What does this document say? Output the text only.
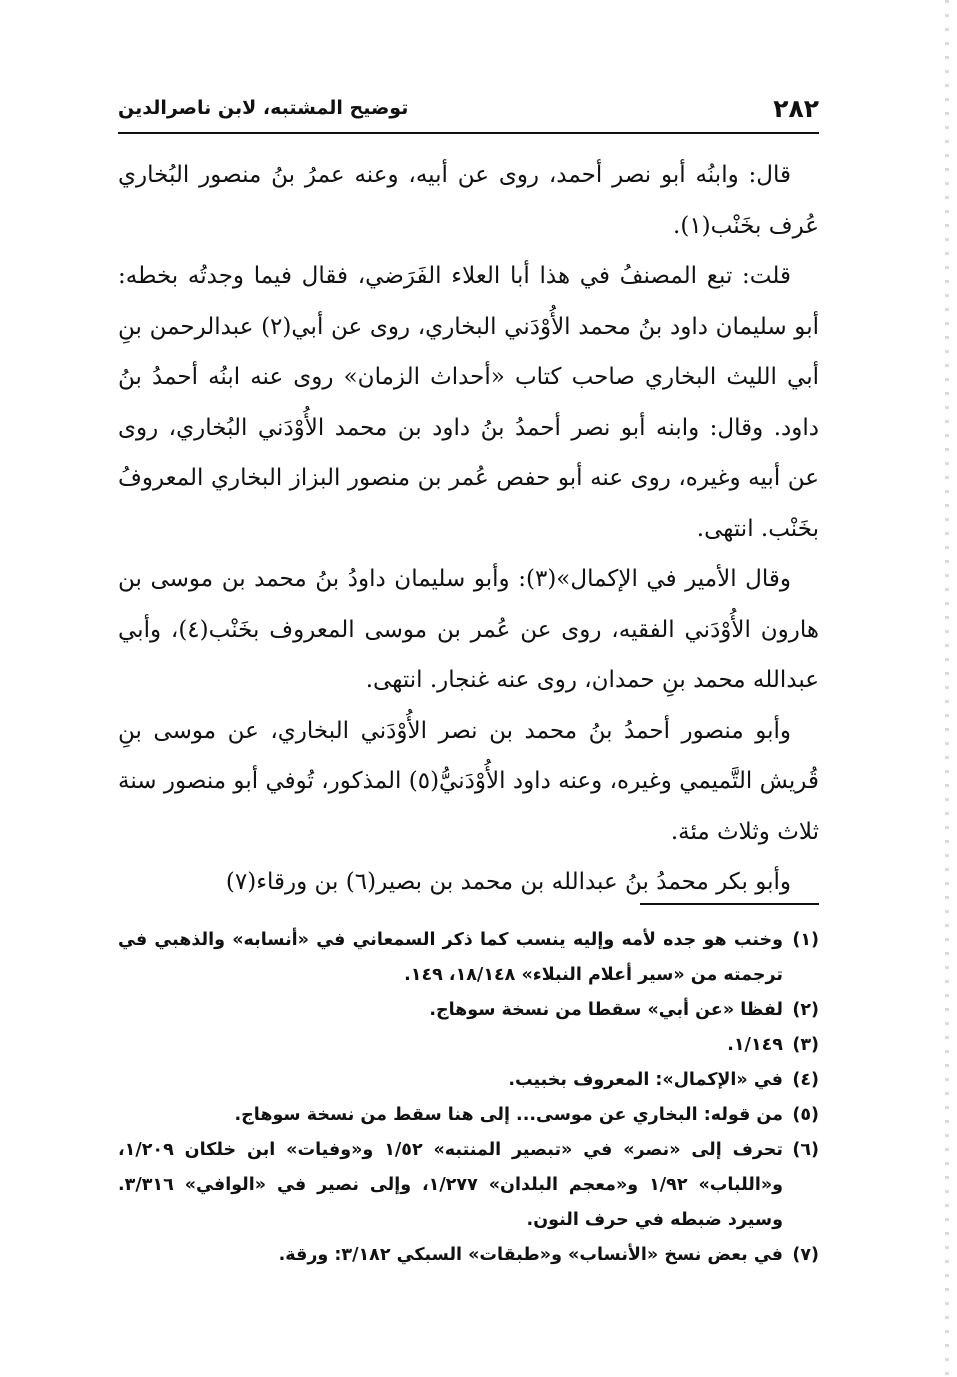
٢٨٢
توضيح المشتبه، لابن ناصرالدين

قال: وابنُه أبو نصر أحمد، روى عن أبيه، وعنه عمرُ بنُ منصور البُخاري عُرف بخَنْب(١).

قلت: تبع المصنفُ في هذا أبا العلاء الفَرَضي، فقال فيما وجدتُه بخطه: أبو سليمان داود بنُ محمد الأُوْدَني البخاري، روى عن أبي(٢) عبدالرحمن بنِ أبي الليث البخاري صاحب كتاب «أحداث الزمان» روى عنه ابنُه أحمدُ بنُ داود. وقال: وابنه أبو نصر أحمدُ بنُ داود بن محمد الأُوْدَني البُخاري، روى عن أبيه وغيره، روى عنه أبو حفص عُمر بن منصور البزاز البخاري المعروفُ بخَنْب. انتهى.

وقال الأمير في الإكمال»(٣): وأبو سليمان داودُ بنُ محمد بن موسى بن هارون الأُوْدَني الفقيه، روى عن عُمر بن موسى المعروف بخَنْب(٤)، وأبي عبدالله محمد بنِ حمدان، روى عنه غنجار. انتهى.

وأبو منصور أحمدُ بنُ محمد بن نصر الأُوْدَني البخاري، عن موسى بنِ قُريش التَّميمي وغيره، وعنه داود الأُوْدَنيُّ(٥) المذكور، تُوفي أبو منصور سنة ثلاث وثلاث مئة.

وأبو بكر محمدُ بنُ عبدالله بن محمد بن بصير(٦) بن ورقاء(٧)

(١)
وخنب هو جده لأمه وإليه ينسب كما ذكر السمعاني في «أنسابه» والذهبي في ترجمته من «سير أعلام النبلاء» ١٨/١٤٨، ١٤٩.
(٢)
لفظا «عن أبي» سقطا من نسخة سوهاج.
(٣)
١/١٤٩.
(٤)
في «الإكمال»: المعروف بخبيب.
(٥)
من قوله: البخاري عن موسى... إلى هنا سقط من نسخة سوهاج.
(٦)
تحرف إلى «نصر» في «تبصير المنتبه» ١/٥٢ و«وفيات» ابن خلكان ١/٢٠٩، و«اللباب» ١/٩٢ و«معجم البلدان» ١/٢٧٧، وإلى نصير في «الوافي» ٣/٣١٦. وسيرد ضبطه في حرف النون.
(٧)
في بعض نسخ «الأنساب» و«طبقات» السبكي ٣/١٨٢: ورقة.
